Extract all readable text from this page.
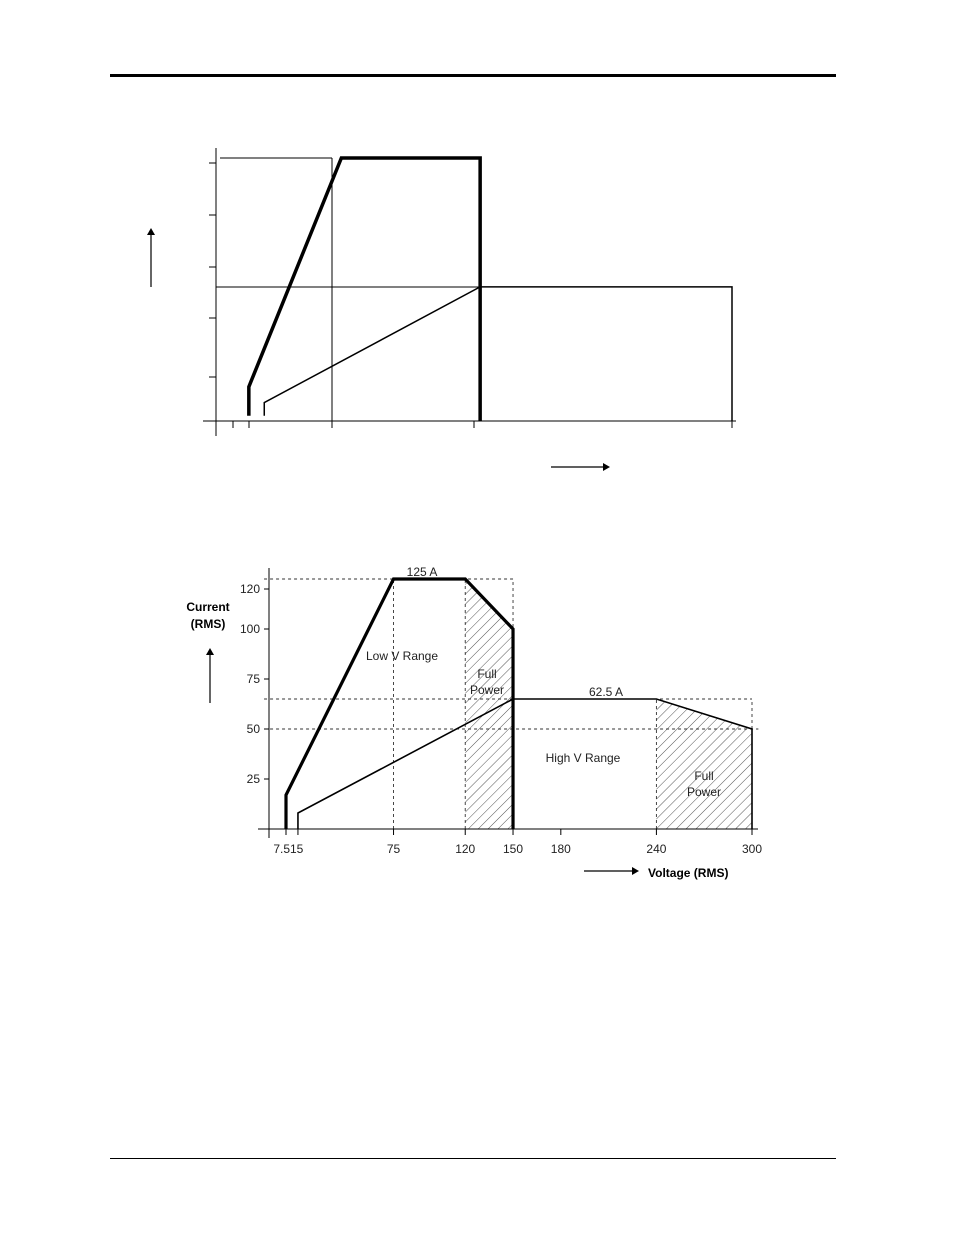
25
50
75
100
120
7.5 15	75	120 150 180	240	300
Current
(RMS)
Voltage (RMS)
125 A
62.5 A
Low V Range
High V Range
Full
Power
Full
Power
